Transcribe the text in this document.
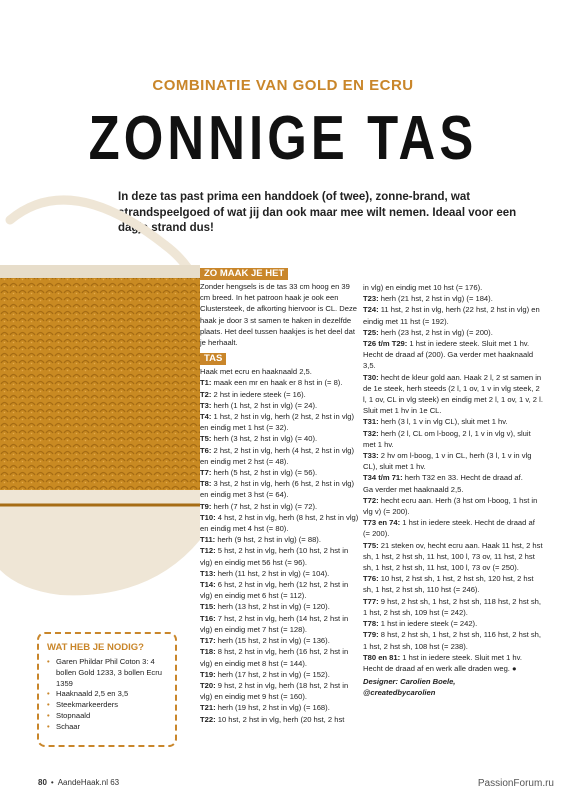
COMBINATIE VAN GOLD EN ECRU
ZONNIGE TAS
In deze tas past prima een handdoek (of twee), zonne-brand, wat strandspeelgoed of wat jij dan ook maar mee wilt nemen. Ideaal voor een dagje strand dus!
ZO MAAK JE HET
Zonder hengsels is de tas 33 cm hoog en 39 cm breed. In het patroon haak je ook een Clustersteek, de afkorting hiervoor is CL. Deze haak je door 3 st samen te haken in dezelfde plaats. Het deel tussen haakjes is het deel dat je herhaalt.
TAS
Haak met ecru en haaknaald 2,5.

T1: maak een mr en haak er 8 hst in (= 8).

T2: 2 hst in iedere steek (= 16).

T3: herh (1 hst, 2 hst in vlg) (= 24).

T4: 1 hst, 2 hst in vlg, herh (2 hst, 2 hst in vlg) en eindig met 1 hst (= 32).

T5: herh (3 hst, 2 hst in vlg) (= 40).

T6: 2 hst, 2 hst in vlg, herh (4 hst, 2 hst in vlg) en eindig met 2 hst (= 48).

T7: herh (5 hst, 2 hst in vlg) (= 56).

T8: 3 hst, 2 hst in vlg, herh (6 hst, 2 hst in vlg) en eindig met 3 hst (= 64).

T9: herh (7 hst, 2 hst in vlg) (= 72).

T10: 4 hst, 2 hst in vlg, herh (8 hst, 2 hst in vlg) en eindig met 4 hst (= 80).

T11: herh (9 hst, 2 hst in vlg) (= 88).

T12: 5 hst, 2 hst in vlg, herh (10 hst, 2 hst in vlg) en eindig met 56 hst (= 96).

T13: herh (11 hst, 2 hst in vlg) (= 104).

T14: 6 hst, 2 hst in vlg, herh (12 hst, 2 hst in vlg) en eindig met 6 hst (= 112).

T15: herh (13 hst, 2 hst in vlg) (= 120).

T16: 7 hst, 2 hst in vlg, herh (14 hst, 2 hst in vlg) en eindig met 7 hst (= 128).

T17: herh (15 hst, 2 hst in vlg) (= 136).

T18: 8 hst, 2 hst in vlg, herh (16 hst, 2 hst in vlg) en eindig met 8 hst (= 144).

T19: herh (17 hst, 2 hst in vlg) (= 152).

T20: 9 hst, 2 hst in vlg, herh (18 hst, 2 hst in vlg) en eindig met 9 hst (= 160).

T21: herh (19 hst, 2 hst in vlg) (= 168).

T22: 10 hst, 2 hst in vlg, herh (20 hst, 2 hst

in vlg) en eindig met 10 hst (= 176).

T23: herh (21 hst, 2 hst in vlg) (= 184).

T24: 11 hst, 2 hst in vlg, herh (22 hst, 2 hst in vlg) en eindig met 11 hst (= 192).

T25: herh (23 hst, 2 hst in vlg) (= 200).

T26 t/m T29: 1 hst in iedere steek. Sluit met 1 hv. Hecht de draad af (200). Ga verder met haaknaald 3,5.

T30: hecht de kleur gold aan. Haak 2 l, 2 st samen in de 1e steek, herh steeds (2 l, 1 ov, 1 v in vlg steek, 2 l, 1 ov, CL in vlg steek) en eindig met 2 l, 1 ov, 1 v, 2 l. Sluit met 1 hv in 1e CL.

T31: herh (3 l, 1 v in vlg CL), sluit met 1 hv.

T32: herh (2 l, CL om l-boog, 2 l, 1 v in vlg v), sluit met 1 hv.

T33: 2 hv om l-boog, 1 v in CL, herh (3 l, 1 v in vlg CL), sluit met 1 hv.

T34 t/m 71: herh T32 en 33. Hecht de draad af.

Ga verder met haaknaald 2,5.

T72: hecht ecru aan. Herh (3 hst om l-boog, 1 hst in vlg v) (= 200).

T73 en 74: 1 hst in iedere steek. Hecht de draad af (= 200).

T75: 21 steken ov, hecht ecru aan. Haak 11 hst, 2 hst sh, 1 hst, 2 hst sh, 11 hst, 100 l, 73 ov, 11 hst, 2 hst sh, 1 hst, 2 hst sh, 11 hst, 100 l, 73 ov (= 250).

T76: 10 hst, 2 hst sh, 1 hst, 2 hst sh, 120 hst, 2 hst sh, 1 hst, 2 hst sh, 110 hst (= 246).

T77: 9 hst, 2 hst sh, 1 hst, 2 hst sh, 118 hst, 2 hst sh, 1 hst, 2 hst sh, 109 hst (= 242).

T78: 1 hst in iedere steek (= 242).

T79: 8 hst, 2 hst sh, 1 hst, 2 hst sh, 116 hst, 2 hst sh, 1 hst, 2 hst sh, 108 hst (= 238).

T80 en 81: 1 hst in iedere steek. Sluit met 1 hv. Hecht de draad af en werk alle draden weg. ●

Designer: Carolien Boele,
@createdbycarolien
WAT HEB JE NODIG?
• Garen Phildar Phil Coton 3: 4 bollen Gold 1233, 3 bollen Ecru 1359
• Haaknaald 2,5 en 3,5
• Steekmarkeerders
• Stopnaald
• Schaar
80 • AandeHaak.nl 63	PassionForum.ru
